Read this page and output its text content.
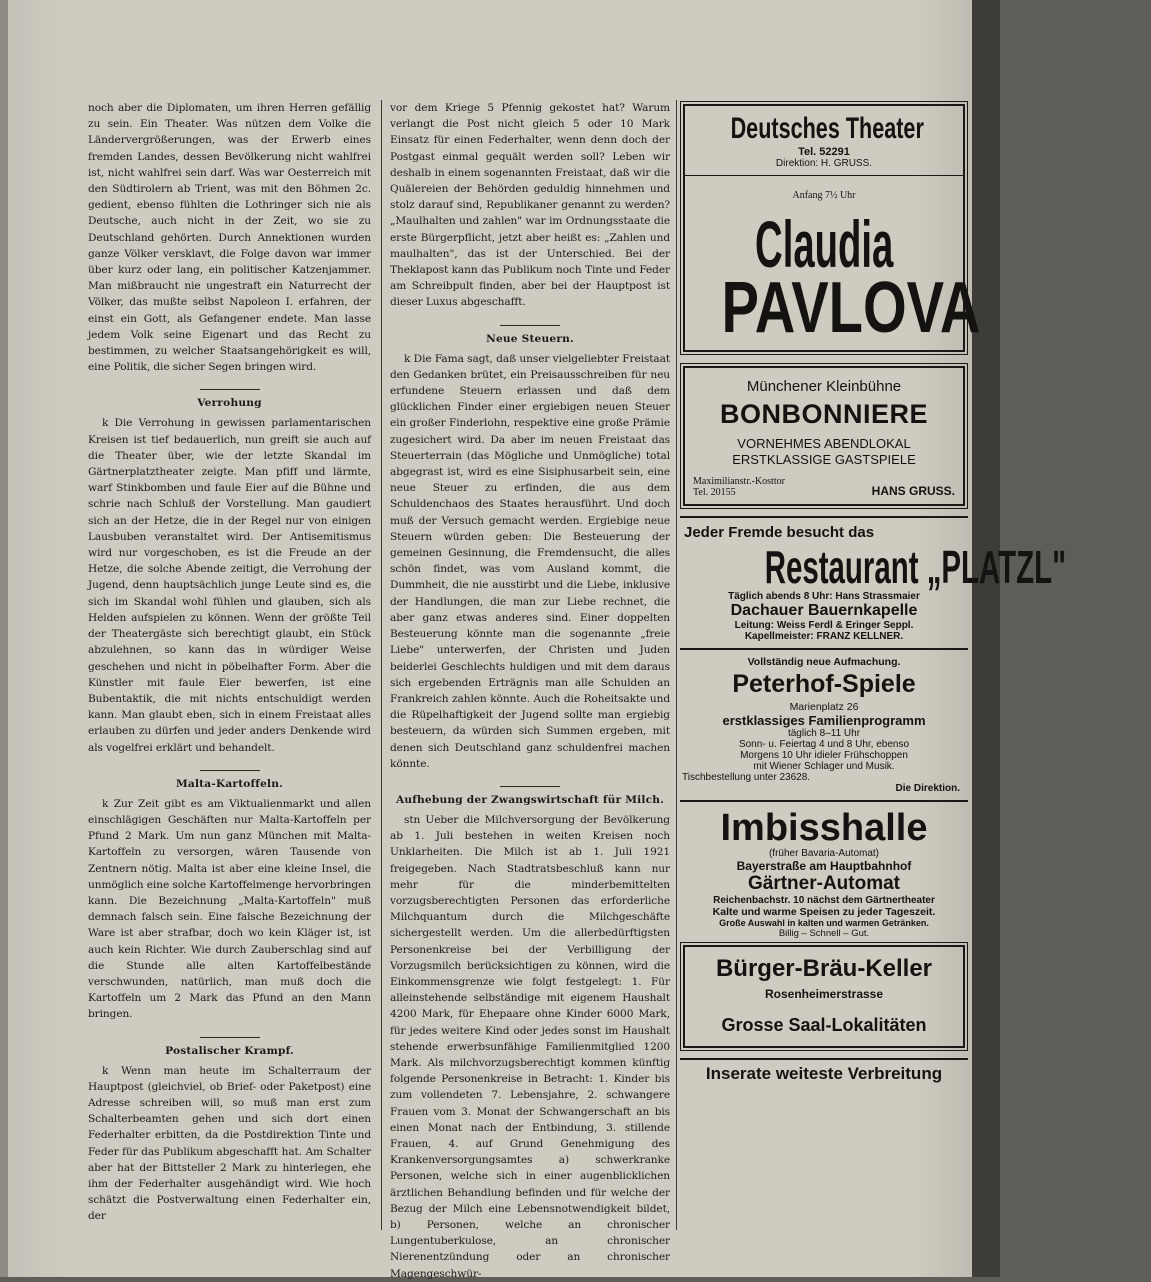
noch aber die Diplomaten, um ihren Herren gefällig zu sein. Ein Theater. Was nützen dem Volke die Ländervergrößerungen, was der Erwerb eines fremden Landes, dessen Bevölkerung nicht wahlfrei ist, nicht wahlfrei sein darf. Was war Oesterreich mit den Südtirolern ab Trient, was mit den Böhmen 2c. gedient, ebenso fühlten die Lothringer sich nie als Deutsche, auch nicht in der Zeit, wo sie zu Deutschland gehörten. Durch Annektionen wurden ganze Völker versklavt, die Folge davon war immer über kurz oder lang, ein politischer Katzenjammer. Man mißbraucht nie ungestraft ein Naturrecht der Völker, das mußte selbst Napoleon I. erfahren, der einst ein Gott, als Gefangener endete. Man lasse jedem Volk seine Eigenart und das Recht zu bestimmen, zu welcher Staatsangehörigkeit es will, eine Politik, die sicher Segen bringen wird.

Verrohung

k Die Verrohung in gewissen parlamentarischen Kreisen ist tief bedauerlich, nun greift sie auch auf die Theater über, wie der letzte Skandal im Gärtnerplatztheater zeigte. Man pfiff und lärmte, warf Stinkbomben und faule Eier auf die Bühne und schrie nach Schluß der Vorstellung. Man gaudiert sich an der Hetze, die in der Regel nur von einigen Lausbuben veranstaltet wird. Der Antisemitismus wird nur vorgeschoben, es ist die Freude an der Hetze, die solche Abende zeitigt, die Verrohung der Jugend, denn hauptsächlich junge Leute sind es, die sich im Skandal wohl fühlen und glauben, sich als Helden aufspielen zu können. Wenn der größte Teil der Theatergäste sich berechtigt glaubt, ein Stück abzulehnen, so kann das in würdiger Weise geschehen und nicht in pöbelhafter Form. Aber die Künstler mit faule Eier bewerfen, ist eine Bubentaktik, die mit nichts entschuldigt werden kann. Man glaubt eben, sich in einem Freistaat alles erlauben zu dürfen und jeder anders Denkende wird als vogelfrei erklärt und behandelt.

Malta-Kartoffeln.

k Zur Zeit gibt es am Viktualienmarkt und allen einschlägigen Geschäften nur Malta-Kartoffeln per Pfund 2 Mark. Um nun ganz München mit Malta-Kartoffeln zu versorgen, wären Tausende von Zentnern nötig. Malta ist aber eine kleine Insel, die unmöglich eine solche Kartoffelmenge hervorbringen kann. Die Bezeichnung „Malta-Kartoffeln" muß demnach falsch sein. Eine falsche Bezeichnung der Ware ist aber strafbar, doch wo kein Kläger ist, ist auch kein Richter. Wie durch Zauberschlag sind auf die Stunde alle alten Kartoffelbestände verschwunden, natürlich, man muß doch die Kartoffeln um 2 Mark das Pfund an den Mann bringen.

Postalischer Krampf.

k Wenn man heute im Schalterraum der Hauptpost (gleichviel, ob Brief- oder Paketpost) eine Adresse schreiben will, so muß man erst zum Schalterbeamten gehen und sich dort einen Federhalter erbitten, da die Postdirektion Tinte und Feder für das Publikum abgeschafft hat. Am Schalter aber hat der Bittsteller 2 Mark zu hinterlegen, ehe ihm der Federhalter ausgehändigt wird. Wie hoch schätzt die Postverwaltung einen Federhalter ein, der

vor dem Kriege 5 Pfennig gekostet hat? Warum verlangt die Post nicht gleich 5 oder 10 Mark Einsatz für einen Federhalter, wenn denn doch der Postgast einmal gequält werden soll? Leben wir deshalb in einem sogenannten Freistaat, daß wir die Quälereien der Behörden geduldig hinnehmen und stolz darauf sind, Republikaner genannt zu werden? „Maulhalten und zahlen" war im Ordnungsstaate die erste Bürgerpflicht, jetzt aber heißt es: „Zahlen und maulhalten", das ist der Unterschied. Bei der Theklapost kann das Publikum noch Tinte und Feder am Schreibpult finden, aber bei der Hauptpost ist dieser Luxus abgeschafft.

Neue Steuern.

k Die Fama sagt, daß unser vielgeliebter Freistaat den Gedanken brütet, ein Preisausschreiben für neu erfundene Steuern erlassen und daß dem glücklichen Finder einer ergiebigen neuen Steuer ein großer Finderlohn, respektive eine große Prämie zugesichert wird. Da aber im neuen Freistaat das Steuerterrain (das Mögliche und Unmögliche) total abgegrast ist, wird es eine Sisiphusarbeit sein, eine neue Steuer zu erfinden, die aus dem Schuldenchaos des Staates herausführt. Und doch muß der Versuch gemacht werden. Ergiebige neue Steuern würden geben: Die Besteuerung der gemeinen Gesinnung, die Fremdensucht, die alles schön findet, was vom Ausland kommt, die Dummheit, die nie ausstirbt und die Liebe, inklusive der Handlungen, die man zur Liebe rechnet, die aber ganz etwas anderes sind. Einer doppelten Besteuerung könnte man die sogenannte „freie Liebe" unterwerfen, der Christen und Juden beiderlei Geschlechts huldigen und mit dem daraus sich ergebenden Erträgnis man alle Schulden an Frankreich zahlen könnte. Auch die Roheitsakte und die Rüpelhaftigkeit der Jugend sollte man ergiebig besteuern, da würden sich Summen ergeben, mit denen sich Deutschland ganz schuldenfrei machen könnte.

Aufhebung der Zwangswirtschaft für Milch.

stn Ueber die Milchversorgung der Bevölkerung ab 1. Juli bestehen in weiten Kreisen noch Unklarheiten. Die Milch ist ab 1. Juli 1921 freigegeben. Nach Stadtratsbeschluß kann nur mehr für die minderbemittelten vorzugsberechtigten Personen das erforderliche Milchquantum durch die Milchgeschäfte sichergestellt werden. Um die allerbedürftigsten Personenkreise bei der Verbilligung der Vorzugsmilch berücksichtigen zu können, wird die Einkommensgrenze wie folgt festgelegt: 1. Für alleinstehende selbständige mit eigenem Haushalt 4200 Mark, für Ehepaare ohne Kinder 6000 Mark, für jedes weitere Kind oder jedes sonst im Haushalt stehende erwerbsunfähige Familienmitglied 1200 Mark. Als milchvorzugsberechtigt kommen künftig folgende Personenkreise in Betracht: 1. Kinder bis zum vollendeten 7. Lebensjahre, 2. schwangere Frauen vom 3. Monat der Schwangerschaft an bis einen Monat nach der Entbindung, 3. stillende Frauen, 4. auf Grund Genehmigung des Krankenversorgungsamtes a) schwerkranke Personen, welche sich in einer augenblicklichen ärztlichen Behandlung befinden und für welche der Bezug der Milch eine Lebensnotwendigkeit bildet, b) Personen, welche an chronischer Lungentuberkulose, an chronischer Nierenentzündung oder an chronischer Magengeschwür-

Deutsches Theater
Tel. 52291
Direktion: H. GRUSS.
Anfang 7½ Uhr
Claudia
PAVLOVA
Münchener Kleinbühne
BONBONNIERE
VORNEHMES ABENDLOKAL
ERSTKLASSIGE GASTSPIELE
Maximilianstr.-Kosttor
Tel. 20155	HANS GRUSS.
Jeder Fremde besucht das
Restaurant „PLATZL"
Täglich abends 8 Uhr: Hans Strassmaier
Dachauer Bauernkapelle
Leitung: Weiss Ferdl & Eringer Seppl.
Kapellmeister: FRANZ KELLNER.
Vollständig neue Aufmachung.
Peterhof-Spiele
Marienplatz 26
erstklassiges Familienprogramm
täglich 8–11 Uhr
Sonn- u. Feiertag 4 und 8 Uhr, ebenso
Morgens 10 Uhr idieler Frühschoppen
mit Wiener Schlager und Musik.
Tischbestellung unter 23628.
Die Direktion.
Imbisshalle
(früher Bavaria-Automat)
Bayerstraße am Hauptbahnhof
Gärtner-Automat
Reichenbachstr. 10 nächst dem Gärtnertheater
Kalte und warme Speisen zu jeder Tageszeit.
Große Auswahl in kalten und warmen Getränken.
Billig – Schnell – Gut.
Bürger-Bräu-Keller
Rosenheimerstrasse
Grosse Saal-Lokalitäten
Inserate weiteste Verbreitung
